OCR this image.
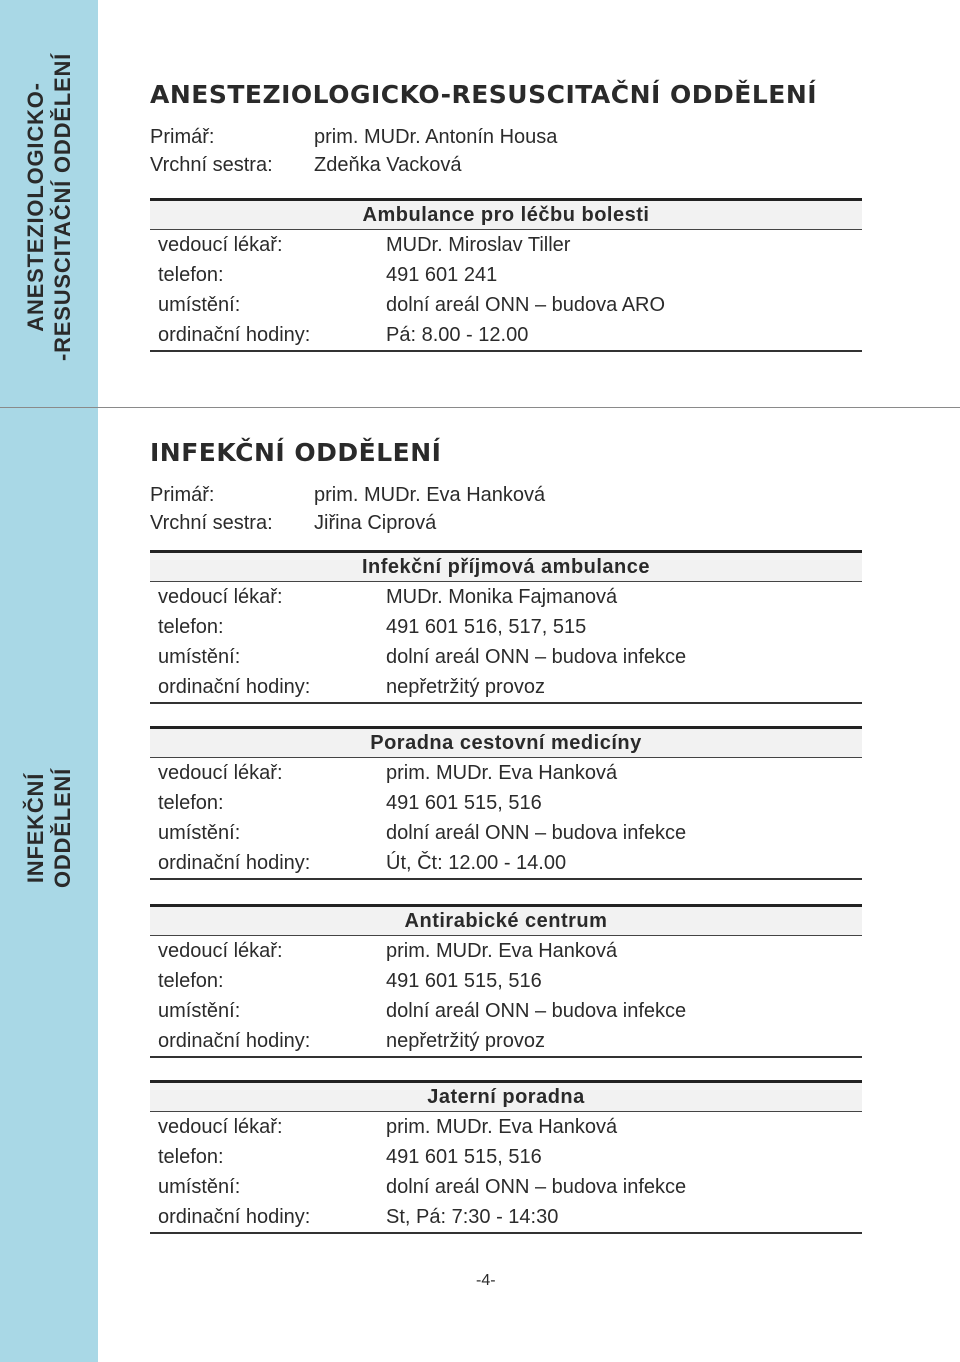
ANESTEZIOLOGICKO- -RESUSCITAČNÍ ODDĚLENÍ
INFEKČNÍ ODDĚLENÍ
ANESTEZIOLOGICKO-RESUSCITAČNÍ ODDĚLENÍ
Primář:	prim. MUDr. Antonín Housa
Vrchní sestra: Zdeňka Vacková
Ambulance pro léčbu bolesti
vedoucí lékař:	MUDr. Miroslav Tiller
telefon:	491 601 241
umístění:	dolní areál ONN – budova ARO
ordinační hodiny:	Pá: 8.00 - 12.00
INFEKČNÍ ODDĚLENÍ
Primář:	prim. MUDr. Eva Hanková
Vrchní sestra: Jiřina Ciprová
Infekční příjmová ambulance
vedoucí lékař:	MUDr. Monika Fajmanová
telefon:	491 601 516, 517, 515
umístění:	dolní areál ONN – budova infekce
ordinační hodiny:	nepřetržitý provoz
Poradna cestovní medicíny
vedoucí lékař:	prim. MUDr. Eva Hanková
telefon:	491 601 515, 516
umístění:	dolní areál ONN – budova infekce
ordinační hodiny:	Út, Čt: 12.00 - 14.00
Antirabické centrum
vedoucí lékař:	prim. MUDr. Eva Hanková
telefon:	491 601 515, 516
umístění:	dolní areál ONN – budova infekce
ordinační hodiny:	nepřetržitý provoz
Jaterní poradna
vedoucí lékař:	prim. MUDr. Eva Hanková
telefon:	491 601 515, 516
umístění:	dolní areál ONN – budova infekce
ordinační hodiny:	St, Pá: 7:30 - 14:30
-4-
